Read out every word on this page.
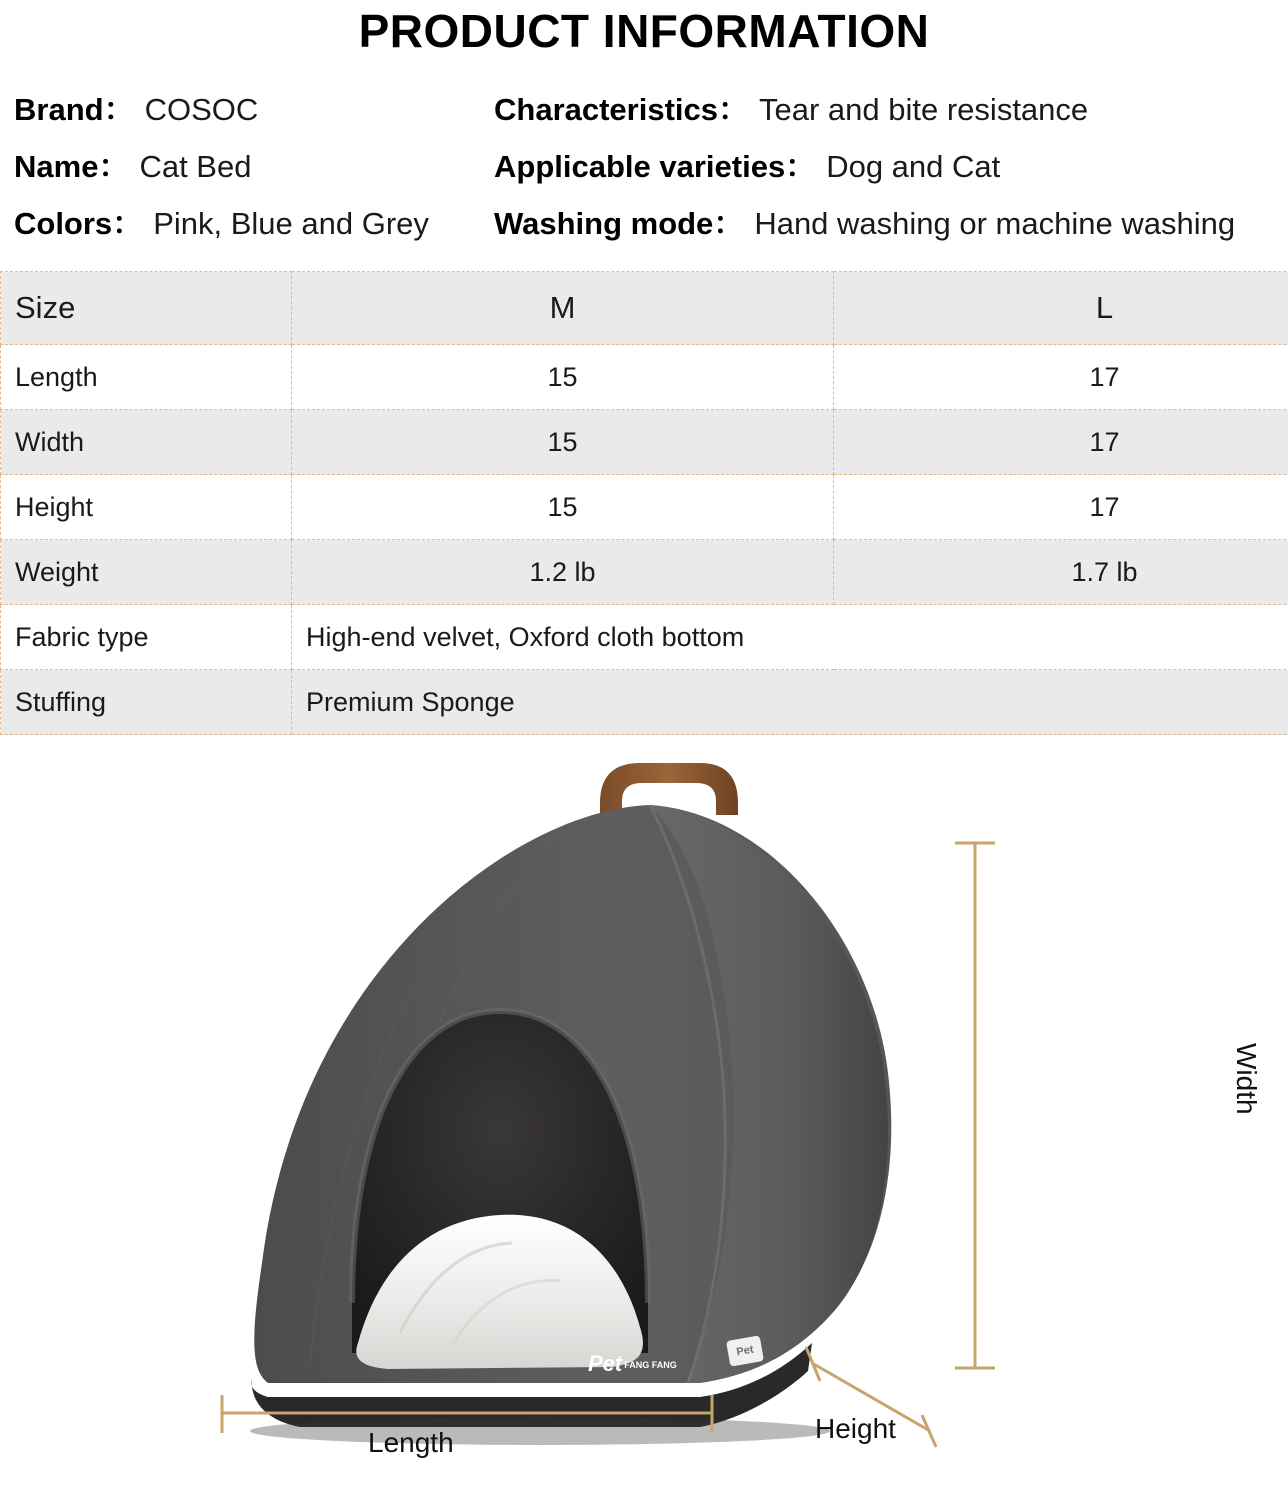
PRODUCT INFORMATION
Brand： COSOC
Name： Cat Bed
Colors： Pink, Blue and Grey
Characteristics： Tear and bite resistance
Applicable varieties： Dog and Cat
Washing mode： Hand washing or machine washing
Size	M	L
Length	15	17
Width	15	17
Height	15	17
Weight	1.2 lb	1.7 lb
Fabric type	High-end velvet, Oxford cloth bottom	
Stuffing	Premium Sponge	
Width
Length	Height
Pet FANG FANG
Pet
